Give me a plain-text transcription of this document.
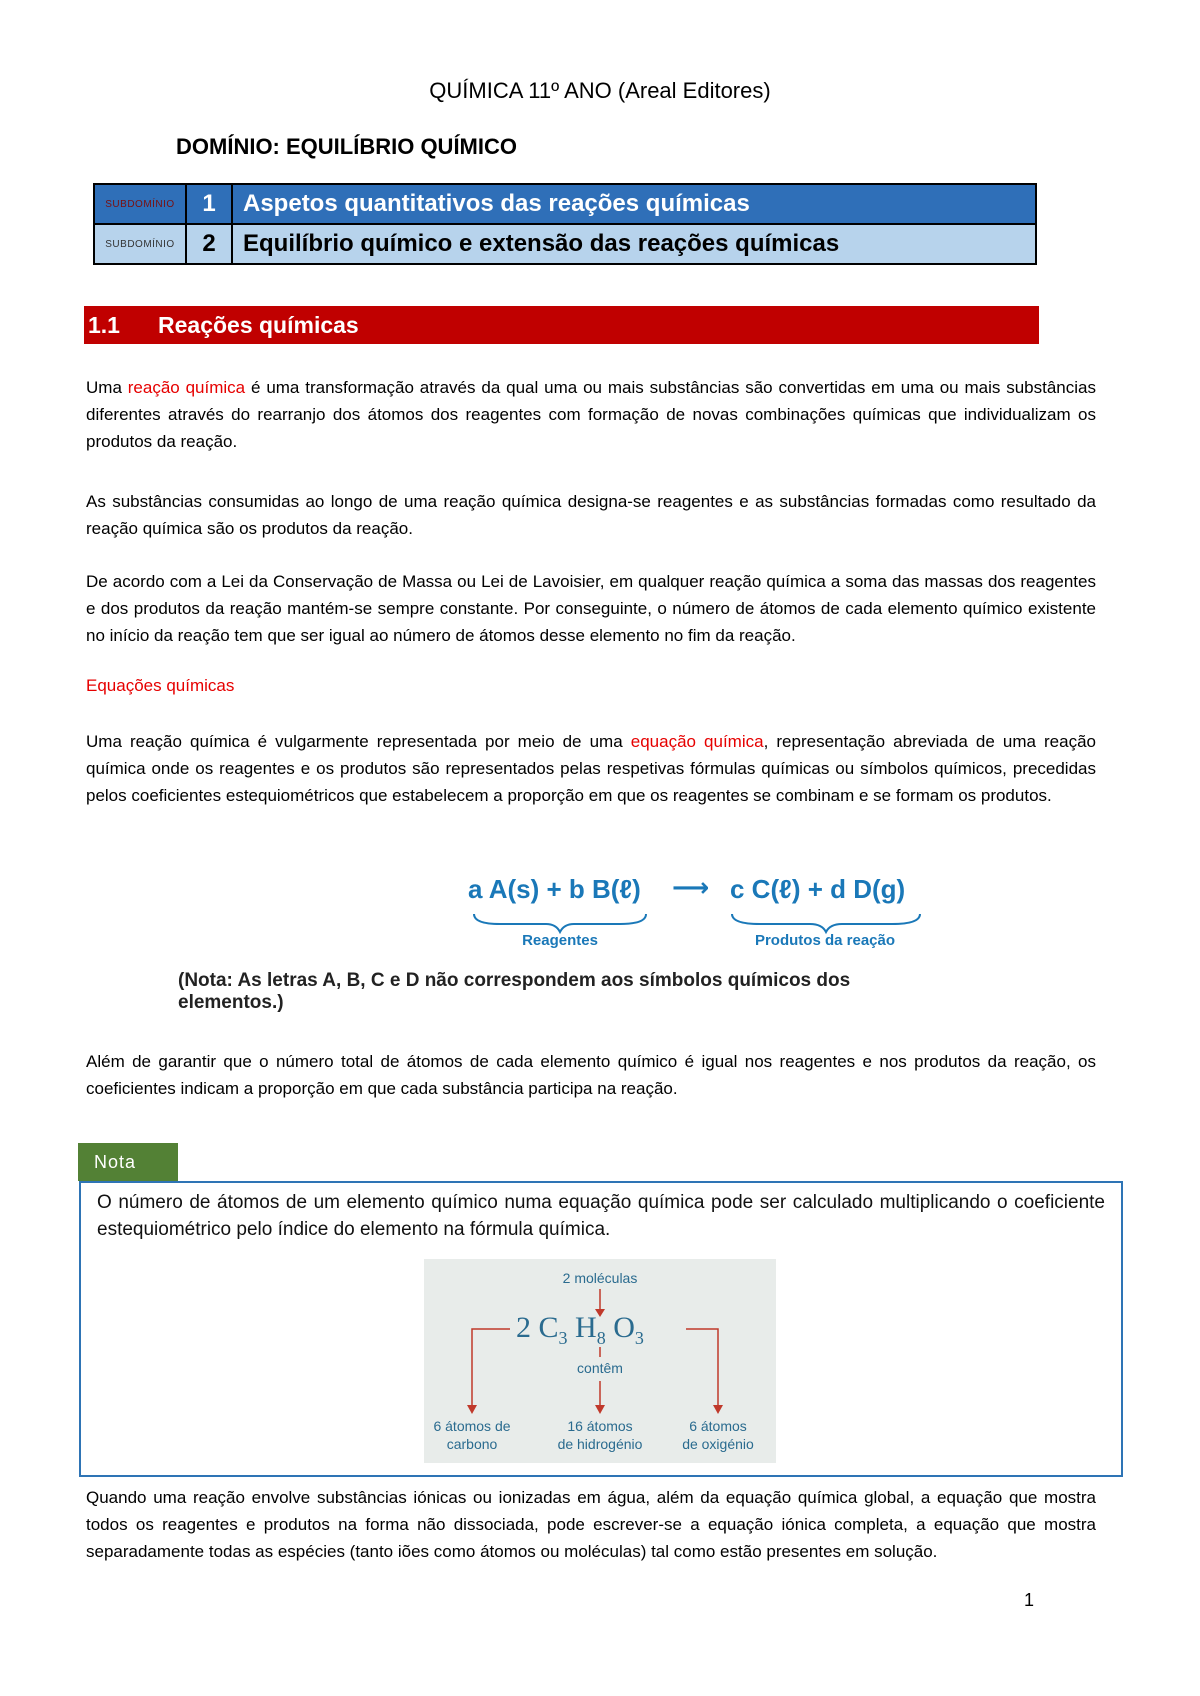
QUÍMICA 11º ANO (Areal Editores)
DOMÍNIO: EQUILÍBRIO QUÍMICO
SUBDOMÍNIO	1	Aspetos quantitativos das reações químicas
SUBDOMÍNIO	2	Equilíbrio químico e extensão das reações químicas
1.1 Reações químicas
Uma reação química é uma transformação através da qual uma ou mais substâncias são convertidas em uma ou mais substâncias diferentes através do rearranjo dos átomos dos reagentes com formação de novas combinações químicas que individualizam os produtos da reação.
As substâncias consumidas ao longo de uma reação química designa-se reagentes e as substâncias formadas como resultado da reação química são os produtos da reação.
De acordo com a Lei da Conservação de Massa ou Lei de Lavoisier, em qualquer reação química a soma das massas dos reagentes e dos produtos da reação mantém-se sempre constante. Por conseguinte, o número de átomos de cada elemento químico existente no início da reação tem que ser igual ao número de átomos desse elemento no fim da reação.
Equações químicas
Uma reação química é vulgarmente representada por meio de uma equação química, representação abreviada de uma reação química onde os reagentes e os produtos são representados pelas respetivas fórmulas químicas ou símbolos químicos, precedidas pelos coeficientes estequiométricos que estabelecem a proporção em que os reagentes se combinam e se formam os produtos.
a A(s) + b B(ℓ) ⟶ c C(ℓ) + d D(g)
Reagentes	Produtos da reação
(Nota: As letras A, B, C e D não correspondem aos símbolos químicos dos elementos.)
Além de garantir que o número total de átomos de cada elemento químico é igual nos reagentes e nos produtos da reação, os coeficientes indicam a proporção em que cada substância participa na reação.
Nota
O número de átomos de um elemento químico numa equação química pode ser calculado multiplicando o coeficiente estequiométrico pelo índice do elemento na fórmula química.
2 moléculas
2 $C_3$ $H_8$ $O_3$
contêm
6 átomos de
carbono
16 átomos
de hidrogénio
6 átomos
de oxigénio
Quando uma reação envolve substâncias iónicas ou ionizadas em água, além da equação química global, a equação que mostra todos os reagentes e produtos na forma não dissociada, pode escrever-se a equação iónica completa, a equação que mostra separadamente todas as espécies (tanto iões como átomos ou moléculas) tal como estão presentes em solução.
1
